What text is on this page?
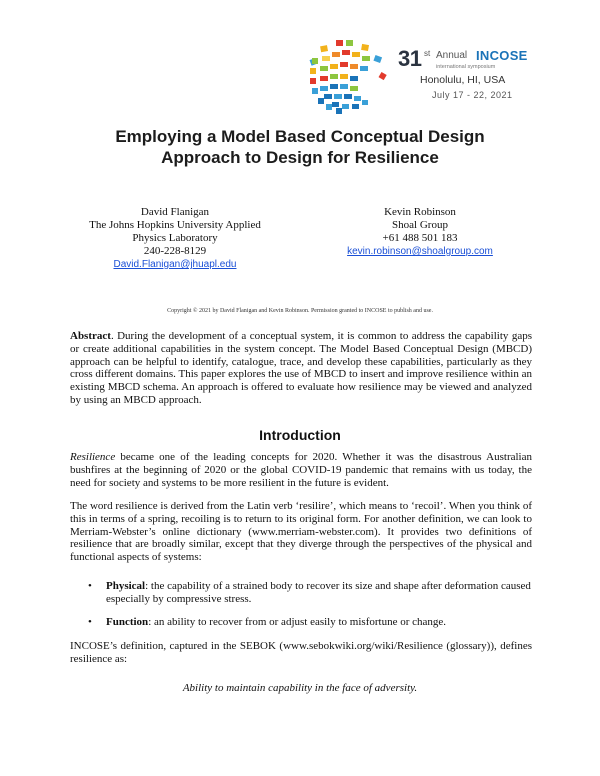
31 st Annual INCOSE
international symposium
Honolulu, HI, USA
July 17 - 22, 2021
Employing a Model Based Conceptual Design
Approach to Design for Resilience
David Flanigan
The Johns Hopkins University Applied
Physics Laboratory
240-228-8129
David.Flanigan@jhuapl.edu
Kevin Robinson
Shoal Group
+61 488 501 183
kevin.robinson@shoalgroup.com
Copyright © 2021 by David Flanigan and Kevin Robinson. Permission granted to INCOSE to publish and use.
Abstract. During the development of a conceptual system, it is common to address the capability gaps or create additional capabilities in the system concept. The Model Based Conceptual Design (MBCD) approach can be helpful to identify, catalogue, trace, and develop these capabilities, particularly as they cross different domains. This paper explores the use of MBCD to insert and improve resilience within an existing MBCD schema. An approach is offered to evaluate how resilience may be viewed and analyzed by using an MBCD approach.
Introduction
Resilience became one of the leading concepts for 2020. Whether it was the disastrous Australian bushfires at the beginning of 2020 or the global COVID-19 pandemic that remains with us today, the need for society and systems to be more resilient in the future is evident.
The word resilience is derived from the Latin verb ‘resilire’, which means to ‘recoil’. When you think of this in terms of a spring, recoiling is to return to its original form. For another definition, we can look to Merriam-Webster’s online dictionary (www.merriam-webster.com). It provides two definitions of resilience that are broadly similar, except that they diverge through the perspectives of the physical and functional aspects of systems:
• Physical: the capability of a strained body to recover its size and shape after deformation caused especially by compressive stress.
• Function: an ability to recover from or adjust easily to misfortune or change.
INCOSE’s definition, captured in the SEBOK (www.sebokwiki.org/wiki/Resilience (glossary)), defines resilience as:
Ability to maintain capability in the face of adversity.
